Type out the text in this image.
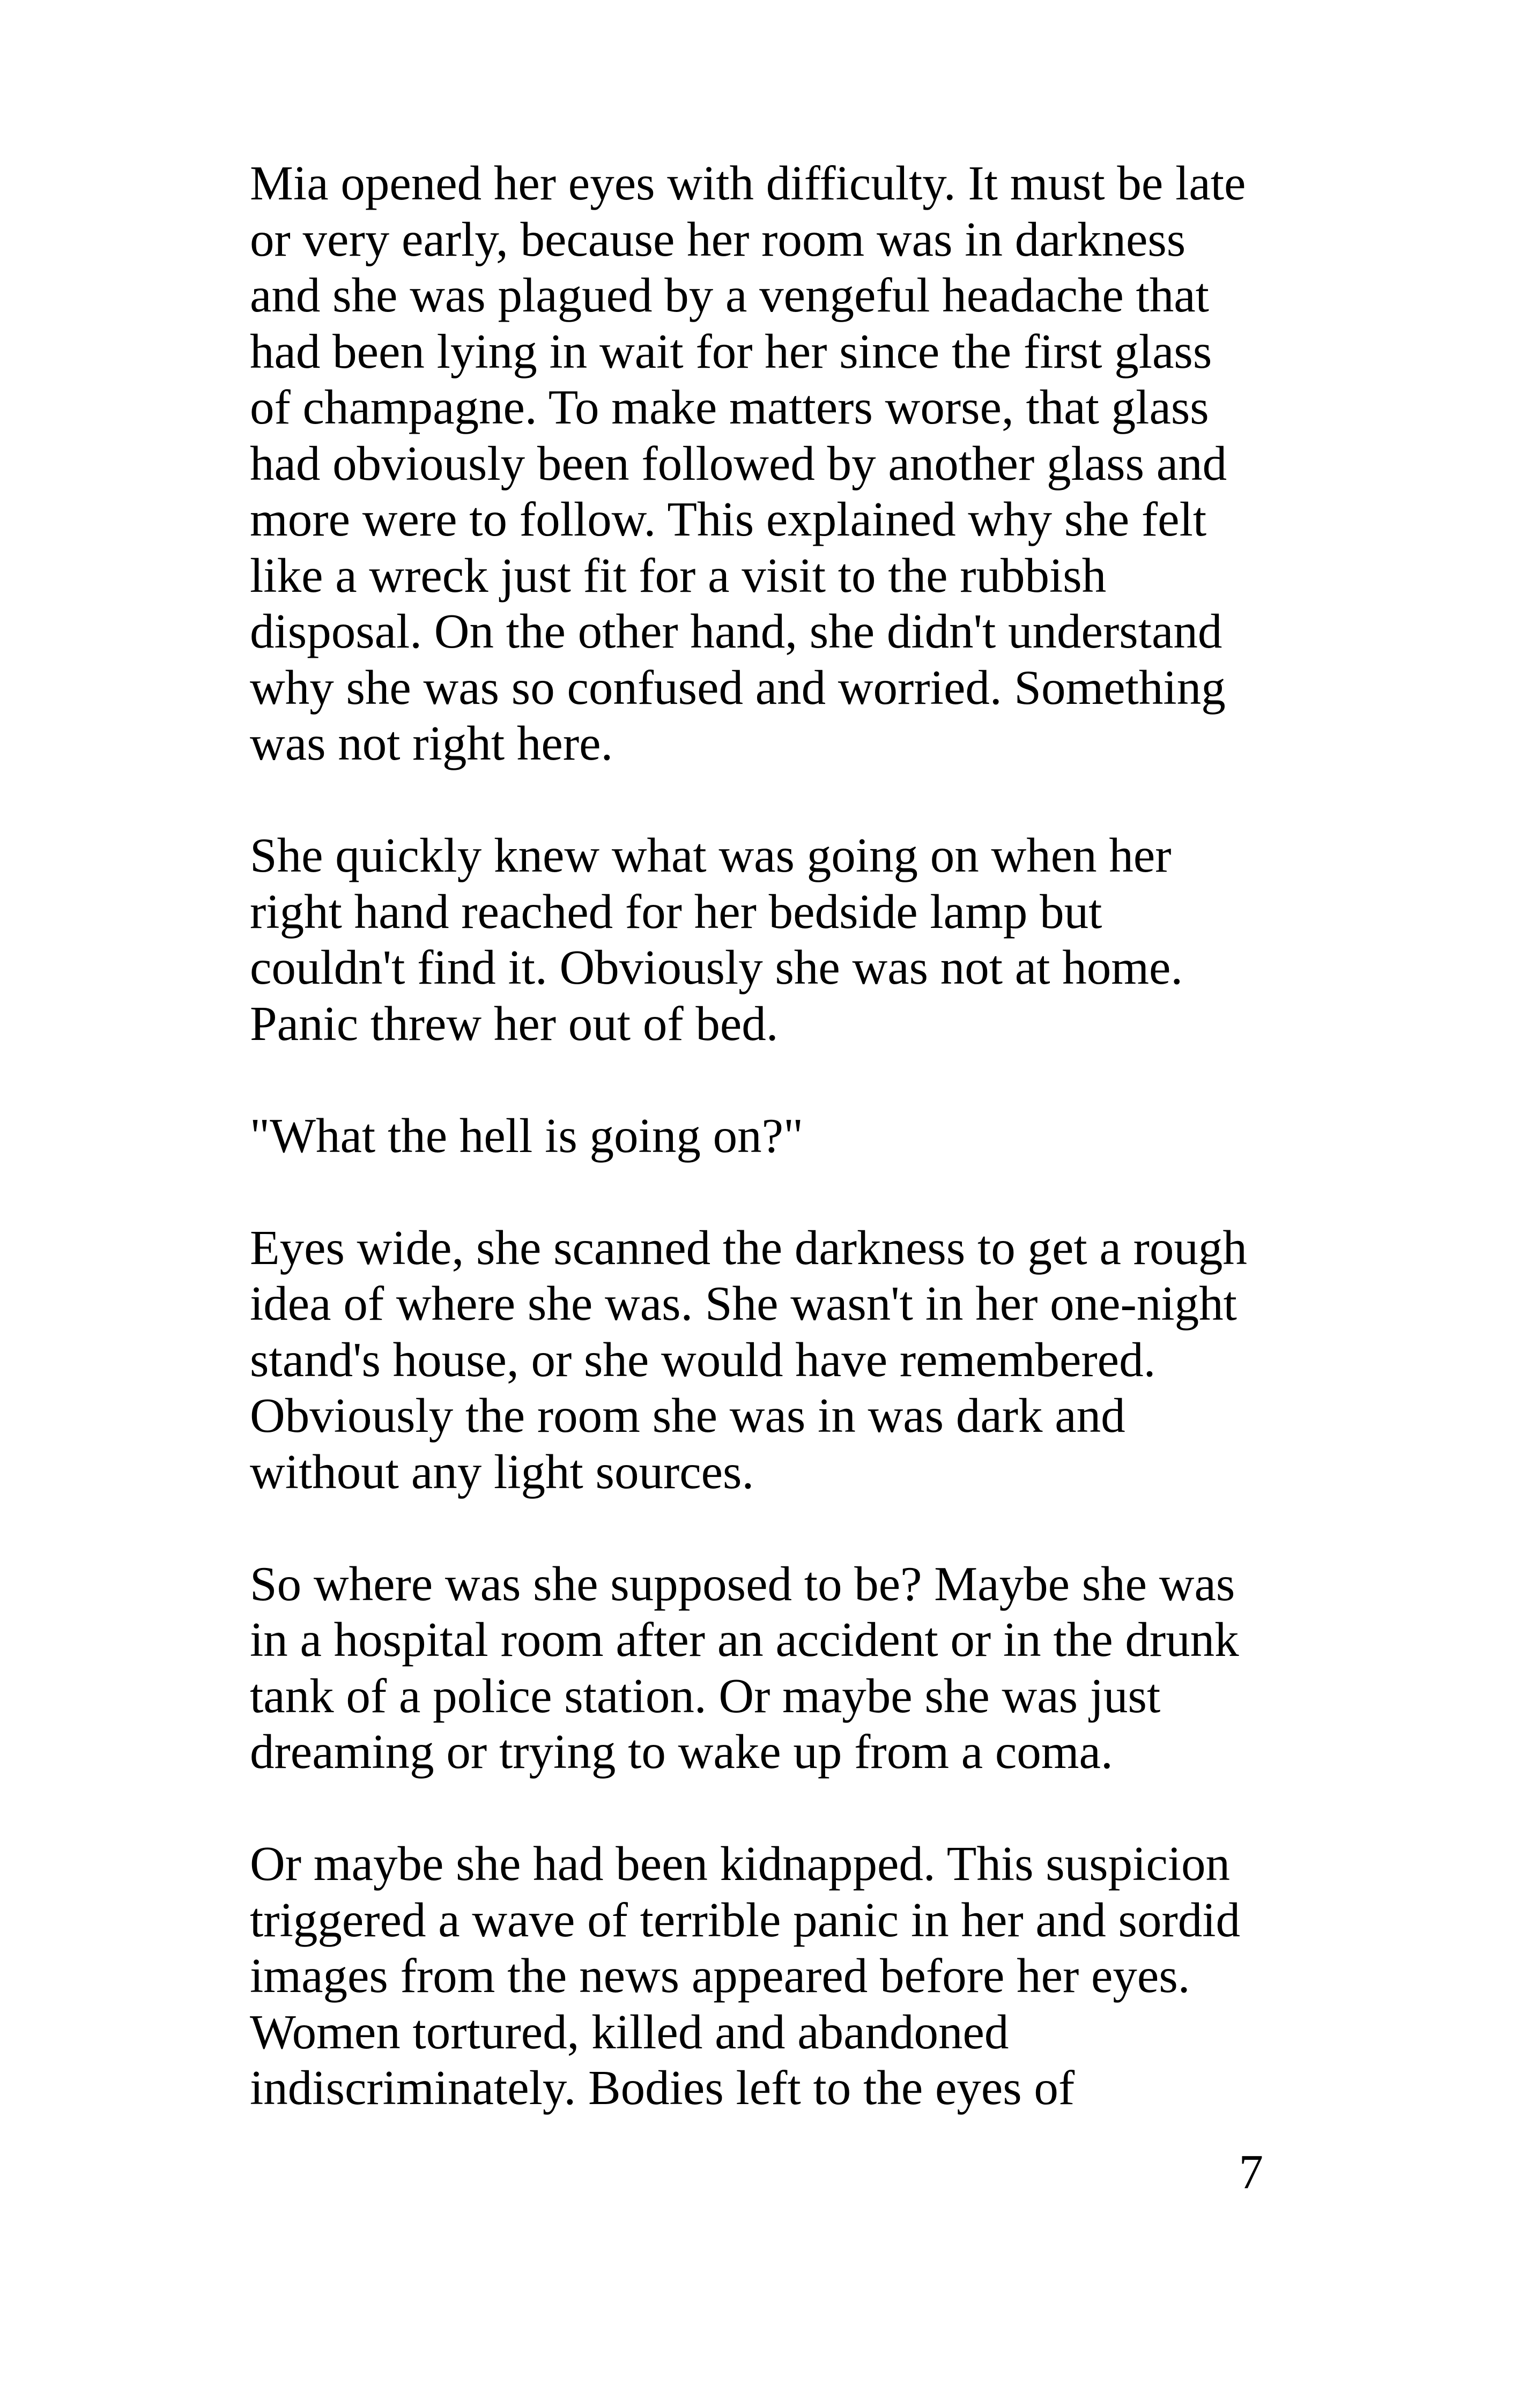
Mia opened her eyes with difficulty. It must be late
or very early, because her room was in darkness
and she was plagued by a vengeful headache that
had been lying in wait for her since the first glass
of champagne. To make matters worse, that glass
had obviously been followed by another glass and
more were to follow. This explained why she felt
like a wreck just fit for a visit to the rubbish
disposal. On the other hand, she didn't understand
why she was so confused and worried. Something
was not right here.
She quickly knew what was going on when her
right hand reached for her bedside lamp but
couldn't find it. Obviously she was not at home.
Panic threw her out of bed.
"What the hell is going on?"
Eyes wide, she scanned the darkness to get a rough
idea of where she was. She wasn't in her one-night
stand's house, or she would have remembered.
Obviously the room she was in was dark and
without any light sources.
So where was she supposed to be? Maybe she was
in a hospital room after an accident or in the drunk
tank of a police station. Or maybe she was just
dreaming or trying to wake up from a coma.
Or maybe she had been kidnapped. This suspicion
triggered a wave of terrible panic in her and sordid
images from the news appeared before her eyes.
Women tortured, killed and abandoned
indiscriminately. Bodies left to the eyes of
7
